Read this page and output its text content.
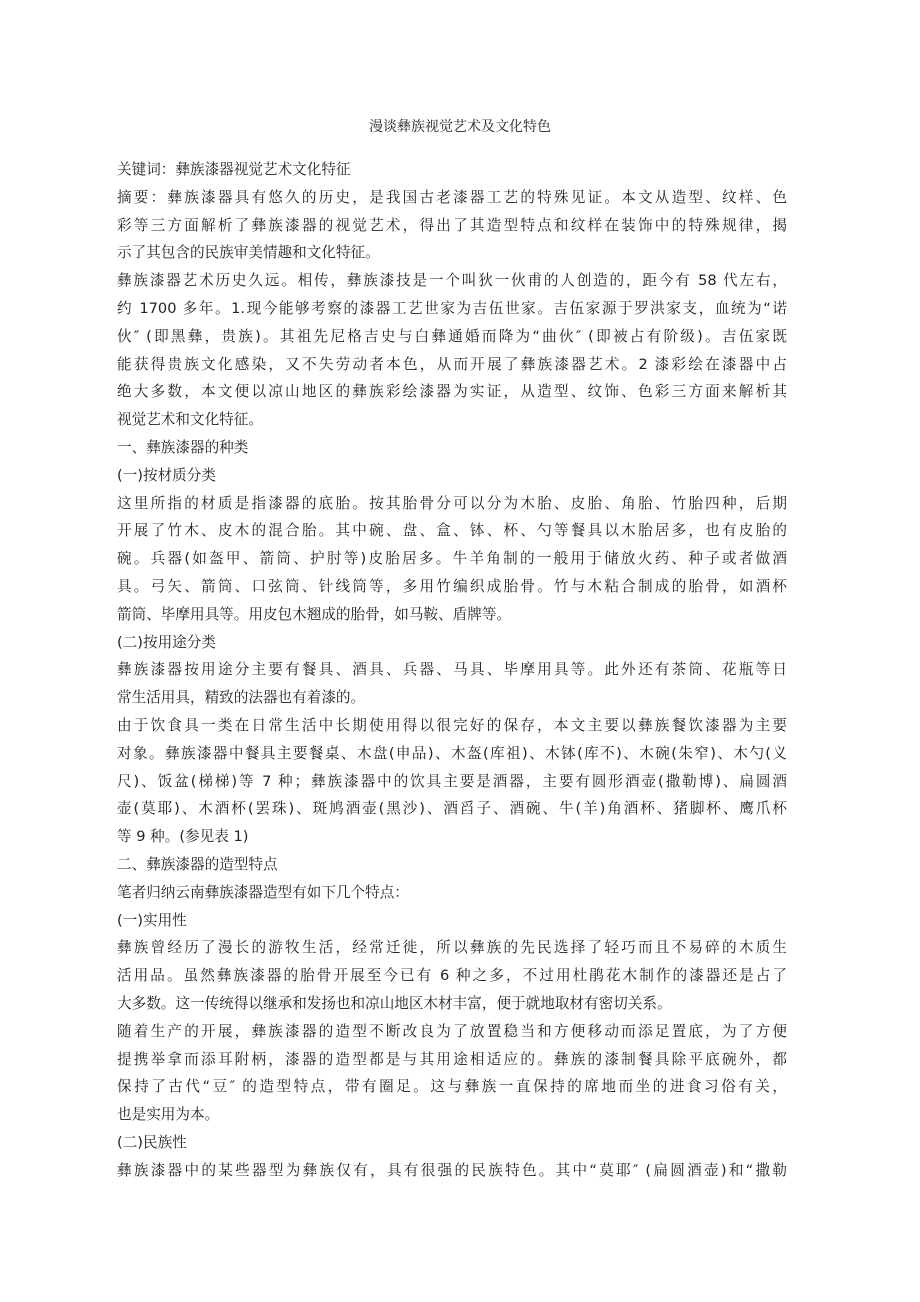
漫谈彝族视觉艺术及文化特色
关键词：彝族漆器视觉艺术文化特征
摘要：彝族漆器具有悠久的历史，是我国古老漆器工艺的特殊见证。本文从造型、纹样、色
彩等三方面解析了彝族漆器的视觉艺术，得出了其造型特点和纹样在装饰中的特殊规律，揭
示了其包含的民族审美情趣和文化特征。
彝族漆器艺术历史久远。相传，彝族漆技是一个叫狄一伙甫的人创造的，距今有 58 代左右，
约 1700 多年。1.现今能够考察的漆器工艺世家为吉伍世家。吉伍家源于罗洪家支，血统为“诺
伙″ (即黑彝，贵族)。其祖先尼格吉史与白彝通婚而降为“曲伙″ (即被占有阶级)。吉伍家既
能获得贵族文化感染，又不失劳动者本色，从而开展了彝族漆器艺术。2 漆彩绘在漆器中占
绝大多数，本文便以凉山地区的彝族彩绘漆器为实证，从造型、纹饰、色彩三方面来解析其
视觉艺术和文化特征。
一、彝族漆器的种类
(一)按材质分类
这里所指的材质是指漆器的底胎。按其胎骨分可以分为木胎、皮胎、角胎、竹胎四种，后期
开展了竹木、皮木的混合胎。其中碗、盘、盒、钵、杯、勺等餐具以木胎居多，也有皮胎的
碗。兵器(如盔甲、箭筒、护肘等)皮胎居多。牛羊角制的一般用于储放火药、种子或者做酒
具。弓矢、箭筒、口弦筒、针线筒等，多用竹编织成胎骨。竹与木粘合制成的胎骨，如酒杯
箭筒、毕摩用具等。用皮包木翘成的胎骨，如马鞍、盾牌等。
(二)按用途分类
彝族漆器按用途分主要有餐具、酒具、兵器、马具、毕摩用具等。此外还有茶筒、花瓶等日
常生活用具，精致的法器也有着漆的。
由于饮食具一类在日常生活中长期使用得以很完好的保存，本文主要以彝族餐饮漆器为主要
对象。彝族漆器中餐具主要餐桌、木盘(申品)、木盔(库祖)、木钵(库不)、木碗(朱窄)、木勺(义
尺)、饭盆(梯梯)等 7 种；彝族漆器中的饮具主要是酒器，主要有圆形酒壶(撒勒博)、扁圆酒
壶(莫耶)、木酒杯(罢珠)、斑鸠酒壶(黑沙)、酒舀子、酒碗、牛(羊)角酒杯、猪脚杯、鹰爪杯
等 9 种。(参见表 1)
二、彝族漆器的造型特点
笔者归纳云南彝族漆器造型有如下几个特点：
(一)实用性
彝族曾经历了漫长的游牧生活，经常迁徙，所以彝族的先民选择了轻巧而且不易碎的木质生
活用品。虽然彝族漆器的胎骨开展至今已有 6 种之多，不过用杜鹃花木制作的漆器还是占了
大多数。这一传统得以继承和发扬也和凉山地区木材丰富，便于就地取材有密切关系。
随着生产的开展，彝族漆器的造型不断改良为了放置稳当和方便移动而添足置底，为了方便
提携举拿而添耳附柄，漆器的造型都是与其用途相适应的。彝族的漆制餐具除平底碗外，都
保持了古代“豆″ 的造型特点，带有圈足。这与彝族一直保持的席地而坐的进食习俗有关，
也是实用为本。
(二)民族性
彝族漆器中的某些器型为彝族仅有，具有很强的民族特色。其中“莫耶″ (扁圆酒壶)和“撒勒
